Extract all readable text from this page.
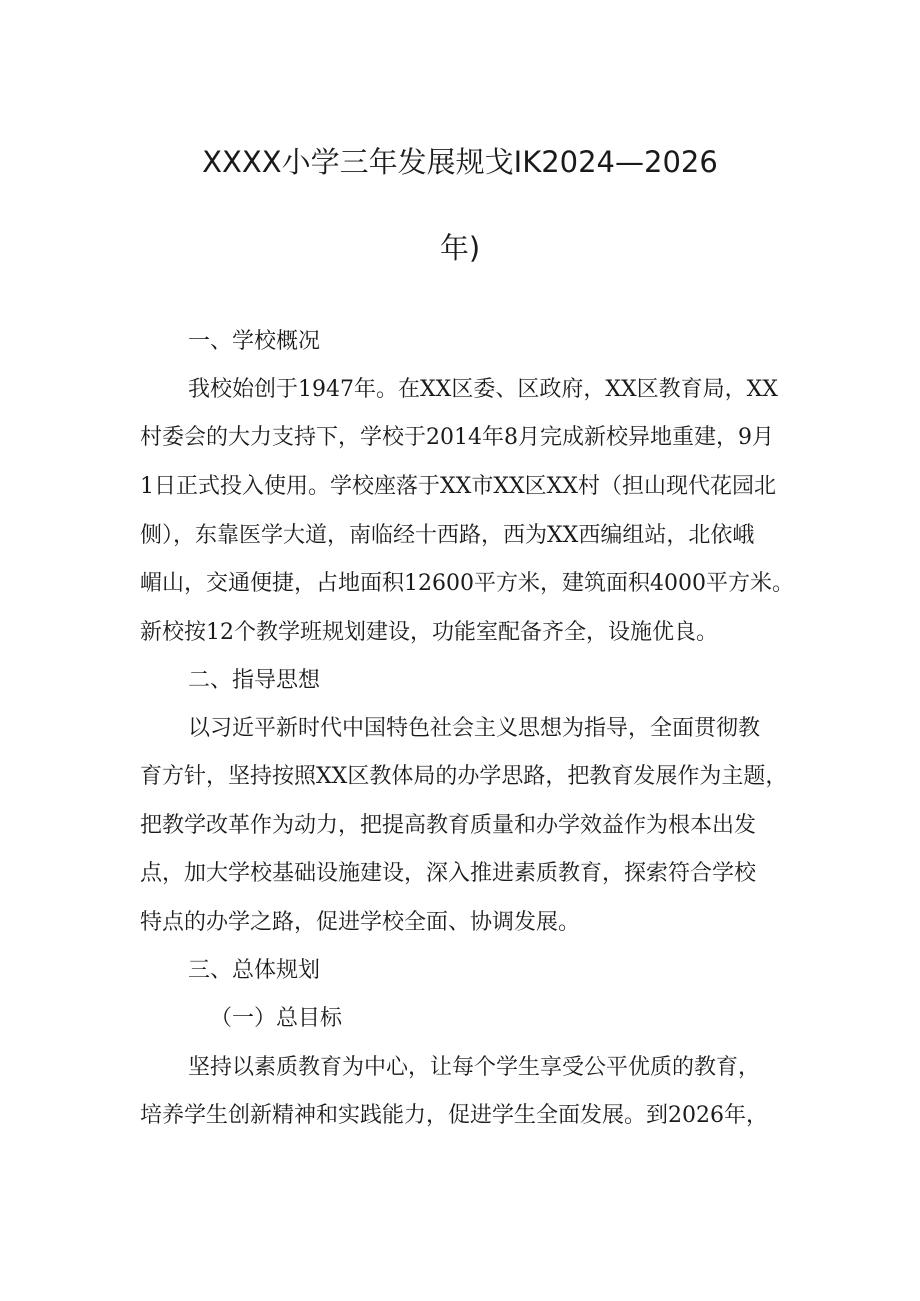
XXXX小学三年发展规戈IK2024—2026
年)
一、学校概况
我校始创于1947年。在XX区委、区政府，XX区教育局，XX
村委会的大力支持下，学校于2014年8月完成新校异地重建，9月
1日正式投入使用。学校座落于XX市XX区XX村（担山现代花园北
侧），东靠医学大道，南临经十西路，西为XX西编组站，北依峨
嵋山，交通便捷，占地面积12600平方米，建筑面积4000平方米。
新校按12个教学班规划建设，功能室配备齐全，设施优良。
二、指导思想
以习近平新时代中国特色社会主义思想为指导，全面贯彻教
育方针，坚持按照XX区教体局的办学思路，把教育发展作为主题，
把教学改革作为动力，把提高教育质量和办学效益作为根本出发
点，加大学校基础设施建设，深入推进素质教育，探索符合学校
特点的办学之路，促进学校全面、协调发展。
三、总体规划
（一）总目标
坚持以素质教育为中心，让每个学生享受公平优质的教育，
培养学生创新精神和实践能力，促进学生全面发展。到2026年，
